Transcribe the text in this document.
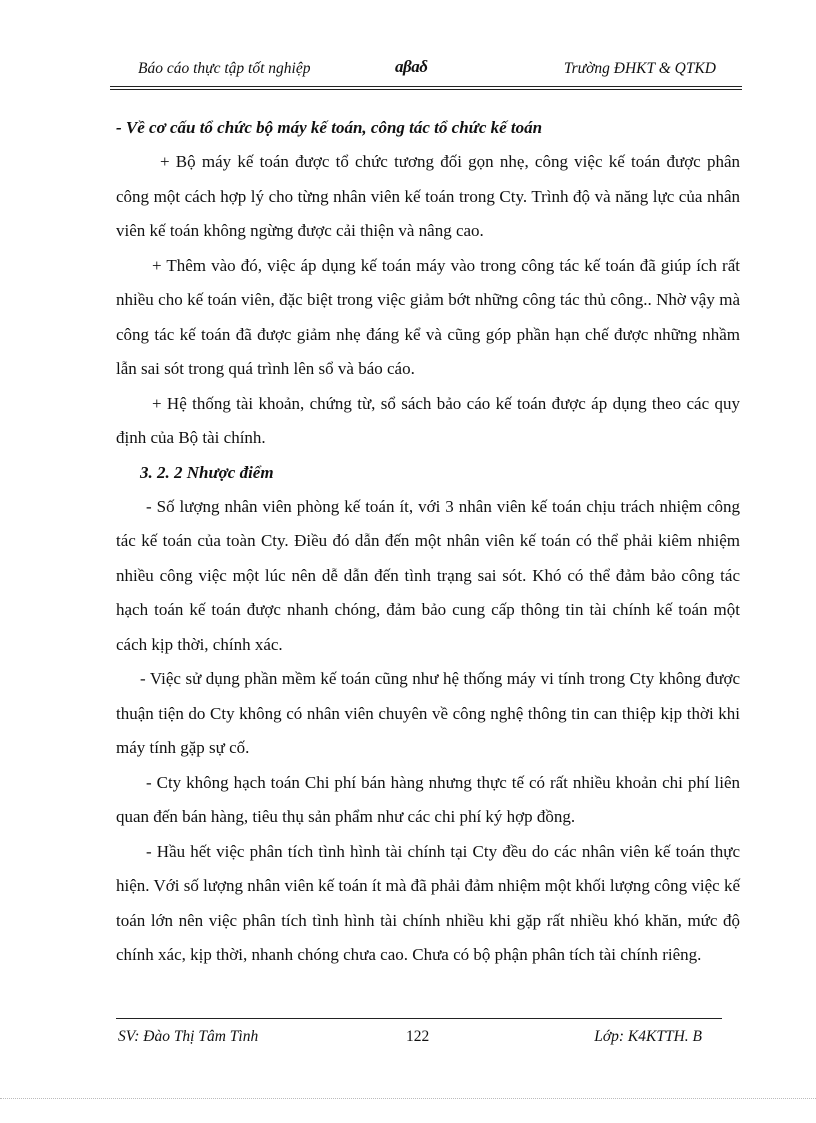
Báo cáo thực tập tốt nghiệp	ɑβɑδ	Trường ĐHKT & QTKD
- Về cơ cấu tổ chức bộ máy kế toán, công tác tổ chức kế toán

+ Bộ máy kế toán được tổ chức tương đối gọn nhẹ, công việc kế toán được phân công một cách hợp lý cho từng nhân viên kế toán trong Cty. Trình độ và năng lực của nhân viên kế toán không ngừng được cải thiện và nâng cao.

+ Thêm vào đó, việc áp dụng kế toán máy vào trong công tác kế toán đã giúp ích rất nhiều cho kế toán viên, đặc biệt trong việc giảm bớt những công tác thủ công.. Nhờ vậy mà công tác kế toán đã được giảm nhẹ đáng kể và cũng góp phần hạn chế được những nhầm lẫn sai sót trong quá trình lên sổ và báo cáo.

+ Hệ thống tài khoản, chứng từ, sổ sách bảo cáo kế toán được áp dụng theo các quy định của Bộ tài chính.

3. 2. 2 Nhược điểm

- Số lượng nhân viên phòng kế toán ít, với 3 nhân viên kế toán chịu trách nhiệm công tác kế toán của toàn Cty. Điều đó dẫn đến một nhân viên kế toán có thể phải kiêm nhiệm nhiều công việc một lúc nên dễ dẫn đến tình trạng sai sót. Khó có thể đảm bảo công tác hạch toán kế toán được nhanh chóng, đảm bảo cung cấp thông tin tài chính kế toán một cách kịp thời, chính xác.

- Việc sử dụng phần mềm kế toán cũng như hệ thống máy vi tính trong Cty không được thuận tiện do Cty không có nhân viên chuyên về công nghệ thông tin can thiệp kịp thời khi máy tính gặp sự cố.

- Cty không hạch toán Chi phí bán hàng nhưng thực tế có rất nhiều khoản chi phí liên quan đến bán hàng, tiêu thụ sản phẩm như các chi phí ký hợp đồng.

- Hầu hết việc phân tích tình hình tài chính tại Cty đều do các nhân viên kế toán thực hiện. Với số lượng nhân viên kế toán ít mà đã phải đảm nhiệm một khối lượng công việc kế toán lớn nên việc phân tích tình hình tài chính nhiều khi gặp rất nhiều khó khăn, mức độ chính xác, kịp thời, nhanh chóng chưa cao. Chưa có bộ phận phân tích tài chính riêng.

SV: Đào Thị Tâm Tình	122	Lớp: K4KTTH. B
